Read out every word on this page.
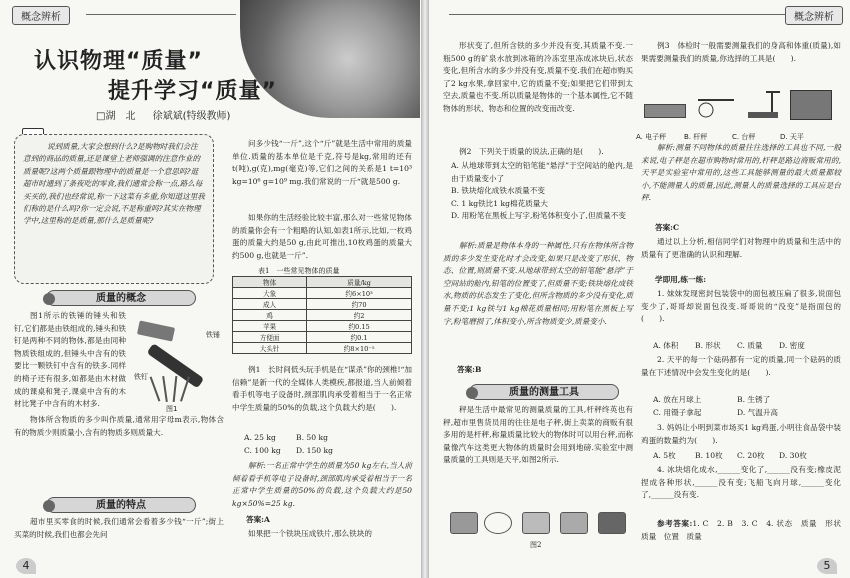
概念辨析
认识物理“质量”
提升学习“质量”
□湖　北 徐斌斌(特级教师)
说到质量,大家会想到什么?是购物时我们会注意到的商品的质量,还是课堂上老师强调的注意作业的质量呢?这两个质量跟物理中的质量是一个意思吗?逛超市时通到了条夜吃的零食,我们通常会称一点,路么每买买的,我们也经常说,称一下这菜有多重,你知道这里我们称的是什么吗?你一定会说,不是称重吗?其实在物理学中,这里称的是质量,那什么是质量呢?
质量的概念

图1所示的铁锤的锤头和铁钉,它们都是由铁组成的,锤头和铁钉是两种不同的物体,都是由同种物质铁组成的,但锤头中含有的铁要比一颗铁钉中含有的铁多.同样的椅子还有很多,如都是由木材做成的课桌和凳子,课桌中含有的木材比凳子中含有的木材多.

铁锤
铁钉
图1

物体所含物质的多少叫作质量,通常用字母m表示,物体含有的物质少则质量小,含有的物质多则质量大.

质量的特点

超市里买零食的时候,我们通常会看着多少钱“一斤”;街上买菜的时候,我们也都会先问

问多少钱“一斤”,这个“斤”就是生活中常用的质量单位.质量的基本单位是千克,符号是kg,常用的还有t(吨),g(克),mg(毫克)等,它们之间的关系是1 t=10³ kg=10⁶ g=10⁹ mg.我们常说的一斤“就是500 g.

如果你的生活经验比较丰富,那么对一些常见物体的质量你会有一个粗略的认知,如表1所示,比如,一枚鸡蛋的质量大约是50 g,由此可推出,10枚鸡蛋的质量大约500 g,也就是一斤”.

表1　一些常见物体的质量
物体	质量/kg
大象	约6×10³
成人	约70
鸡	约2
苹果	约0.15
方便面	约0.1
大头针	约8×10⁻⁵

例1　长时间低头玩手机是在“谋杀”你的颈椎!“加信赖”是新一代的全媒体人类模疾,都报道,当人前倾着看手机等电子设备时,颈部肌肉承受着相当于一名正常中学生质量的50%的负载,这个负载大约是(　　).

A. 25 kg	B. 50 kg
C. 100 kg D. 150 kg

解析:一名正常中学生的质量为50 kg左右,当人前倾着看手机等电子设备时,颈部肌肉承受着相当于一名正常中学生质量的50%的负载,这个负载大约是50 kg×50%=25 kg.

答案:A

如果把一个铁块压成铁片,那么铁块的

4
概念辨析

形状变了,但所含铁的多少并没有变,其质量不变.一瓶500 g的矿泉水放到冰箱的冷冻室里冻成冰块后,状态变化,但所含水的多少并没有变,质量不变.我们在超市购买了2 kg水果,拿回家中,它的质量不变;如果把它们带到太空去,质量也不变.所以质量是物体的一个基本属性,它不随物体的形状、物态和位置的改变而改变.

例2　下列关于质量的说法,正确的是(　　).

A. 从地球带到太空的铅笔能“悬浮”于空间站的舱内,是由于质量变小了
B. 铁块熔化成铁水质量不变
C. 1 kg铁比1 kg棉花质量大
D. 用粉笔在黑板上写字,粉笔体积变小了,但质量不变

解析:质量是物体本身的一种属性,只有在物体所含物质的多少发生变化时才会改变,如果只是改变了形状、物态、位置,则质量不变.从地球带到太空的铅笔能“悬浮”于空间站的舱内,铅笔的位置变了,但质量不变;铁块熔化成铁水,物质的状态发生了变化,但所含物质的多少没有变化,质量不变;1 kg铁与1 kg棉花质量相同;用粉笔在黑板上写字,粉笔磨损了,体积变小,所含物质变少,质量变小.

答案:B
质量的测量工具

秤是生活中最常见的测量质量的工具,杆秤终英也有秤,超市里售货员用的往往是电子秤,街上卖菜的商贩有很多用的是杆秤,称量质量比较大的物体时可以用台秤,而称量像汽车这类更大物体的质量时会用到地磅.实验室中测量质量的工具则是天平,如图2所示.

例3　体检时一般需要测量我们的身高和体重(质量),如果需要测量我们的质量,你选择的工具是(　　).

解析:测量不同物体的质量往往选择的工具也不同,一般来说,电子秤是在超市购物时常用的,杆秤是路边商贩常用的,天平是实验室中常用的,这些工具能够测量的最大质量都较小,不能测量人的质量,因此,测量人的质量选择的工具应是台秤.

答案:C

通过以上分析,相信同学们对物理中的质量和生活中的质量有了更准确的认识和理解.

学即用,练一练:

1. 妹妹发现密封包装袋中的面包被压扁了很多,说面包变少了,哥哥却说面包没变.哥哥说的“没变”是指面包的(　　).

A. 体积 B. 形状 C. 质量 D. 密度

2. 天平的每一个砝码都有一定的质量,同一个砝码的质量在下述情况中会发生变化的是(　　).

A. 放在月球上	B. 生锈了
C. 用镊子拿起	D. 气温升高

3. 妈妈让小明到菜市场买1 kg鸡蛋,小明往食品袋中装鸡蛋的数量约为(　　).

A. 5枚	B. 10枚 C. 20枚 D. 30枚

4. 冰块熔化成水,______变化了,______没有变;橡皮泥捏成各种形状,______没有变;飞船飞向月球,______变化了,______没有变.

参考答案:1. C　2. B　3. C　4. 状态　质量　形状　质量　位置　质量

5
A. 电子秤	B. 杆秤	C. 台秤	D. 天平
图2
